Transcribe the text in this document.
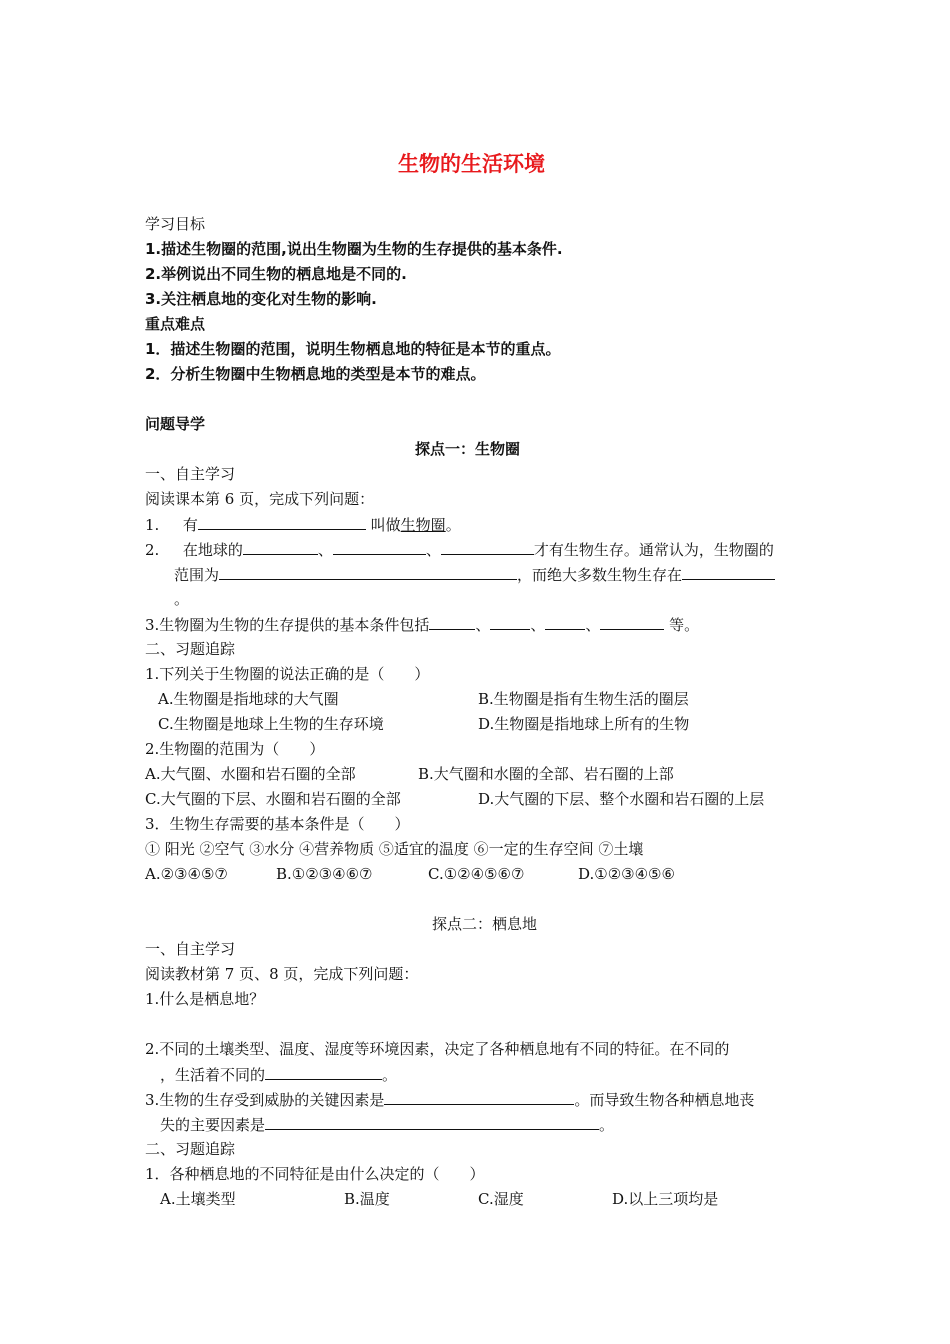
生物的生活环境
学习目标
1.描述生物圈的范围,说出生物圈为生物的生存提供的基本条件.
2.举例说出不同生物的栖息地是不同的.
3.关注栖息地的变化对生物的影响.
重点难点
1．描述生物圈的范围，说明生物栖息地的特征是本节的重点。
2．分析生物圈中生物栖息地的类型是本节的难点。
问题导学
探点一：生物圈
一、自主学习
阅读课本第 6 页，完成下列问题：
1. 有	叫做生物圈。
2. 在地球的	、	、	才有生物生存。通常认为，生物圈的
范围为	，而绝大多数生物生存在
。
3.生物圈为生物的生存提供的基本条件包括	、	、	、	等。
二、习题追踪
1.下列关于生物圈的说法正确的是（　　）
A.生物圈是指地球的大气圈	B.生物圈是指有生物生活的圈层
C.生物圈是地球上生物的生存环境	D.生物圈是指地球上所有的生物
2.生物圈的范围为（　　）
A.大气圈、水圈和岩石圈的全部	B.大气圈和水圈的全部、岩石圈的上部
C.大气圈的下层、水圈和岩石圈的全部	D.大气圈的下层、整个水圈和岩石圈的上层
3．生物生存需要的基本条件是（　　）
① 阳光 ②空气 ③水分 ④营养物质 ⑤适宜的温度 ⑥一定的生存空间 ⑦土壤
A.②③④⑤⑦	B.①②③④⑥⑦	C.①②④⑤⑥⑦	D.①②③④⑤⑥
探点二：栖息地
一、自主学习
阅读教材第 7 页、8 页，完成下列问题：
1.什么是栖息地？
2.不同的土壤类型、温度、湿度等环境因素，决定了各种栖息地有不同的特征。在不同的
，生活着不同的	。
3.生物的生存受到威胁的关键因素是	。而导致生物各种栖息地丧
失的主要因素是	。
二、习题追踪
1．各种栖息地的不同特征是由什么决定的（　　）
A.土壤类型	B.温度	C.湿度	D.以上三项均是
